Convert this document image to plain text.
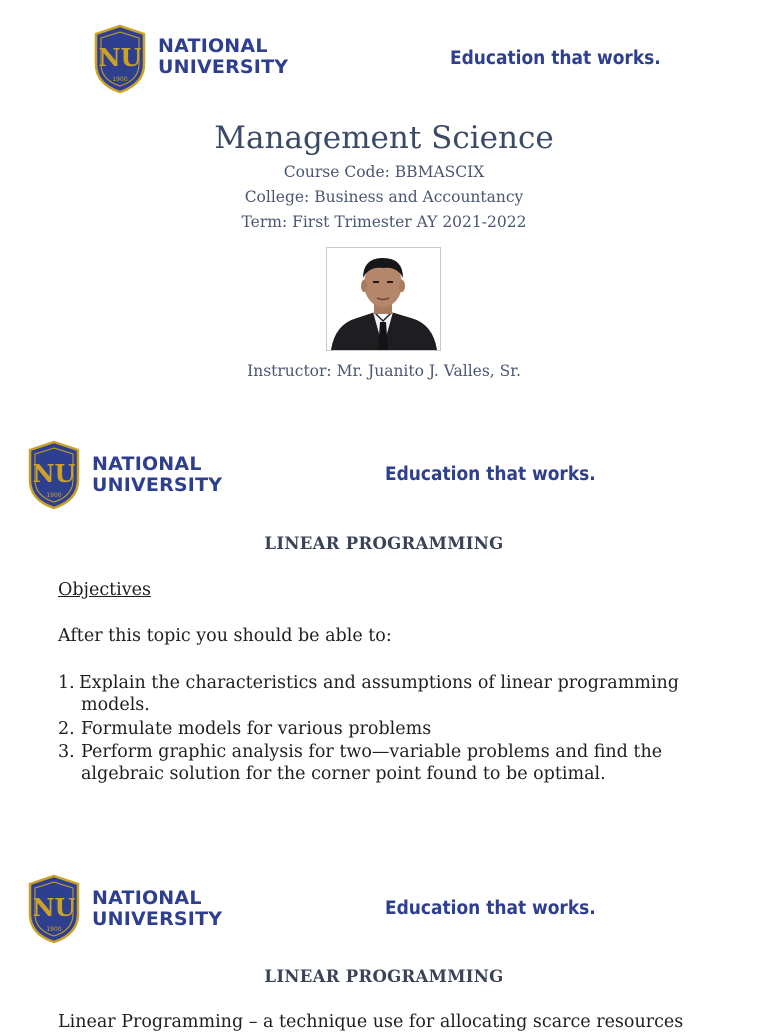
NU
1900
NATIONAL
UNIVERSITY	Education that works.
Management Science
Course Code: BBMASCIX
College: Business and Accountancy
Term: First Trimester AY 2021-2022
Instructor: Mr. Juanito J. Valles, Sr.
NU
1900
NATIONAL
UNIVERSITY	Education that works.
LINEAR PROGRAMMING
Objectives
After this topic you should be able to:
1. Explain the characteristics and assumptions of linear programming
models.
2. Formulate models for various problems
3. Perform graphic analysis for two—variable problems and find the
algebraic solution for the corner point found to be optimal.
NU
1900
NATIONAL
UNIVERSITY	Education that works.
LINEAR PROGRAMMING
Linear Programming – a technique use for allocating scarce resources
